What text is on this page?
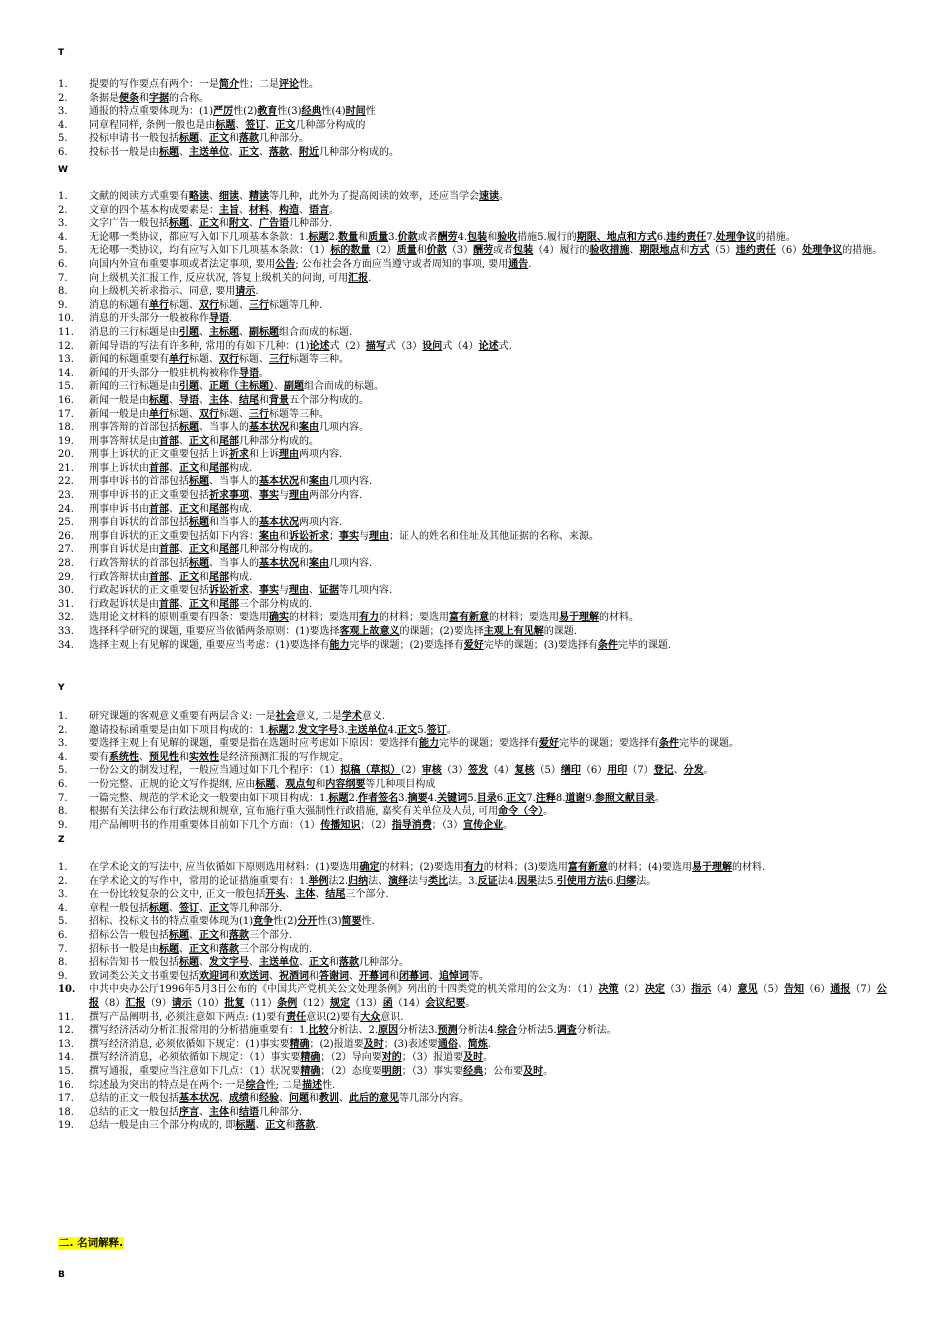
T
1.	提要的写作要点有两个：一是简介性；二是评论性。
2.	条据是便条和字据的合称。
3.	通报的特点重要体现为：(1)严厉性(2)教育性(3)经典性(4)时间性
4.	同章程同样, 条例一般也是由标题、签订、正文几种部分构成的
5.	投标申请书一般包括标题、正文和落款几种部分。
6.	投标书一般是由标题、主送单位、正文、落款、附近几种部分构成的。
W
1.	文献的阅读方式重要有略读、细读、精读等几种，此外为了提高阅读的效率，还应当学会速读。
2.	文章的四个基本构成要素是：主旨、材料、构造、语言。
3.	文字广告一般包括标题、正文和附文、广告语几种部分.
4.	无论哪一类协议，都应写入如下几项基本条款：1.标题2.数量和质量3.价款或者酬劳4.包装和验收措施5.履行的期限、地点和方式6.违约责任7.处理争议的措施。
5.	无论哪一类协议，均有应写入如下几项基本条款：（1）标的数量（2）质量和价款（3）酬劳或者包装（4）履行的验收措施、期限地点和方式（5）违约责任（6）处理争议的措施。
6.	向国内外宣布重要事项或者法定事项, 要用公告; 公布社会各方面应当遵守或者周知的事项, 要用通告.
7.	向上级机关汇报工作, 反应状况, 答复上级机关的问询, 可用汇报.
8.	向上级机关祈求指示、同意, 要用请示.
9.	消息的标题有单行标题、双行标题、三行标题等几种.
10.	消息的开头部分一般被称作导语.
11.	消息的三行标题是由引题、主标题、副标题组合而成的标题.
12.	新闻导语的写法有许多种, 常用的有如下几种：(1)论述式（2）描写式（3）设问式（4）论述式.
13.	新闻的标题重要有单行标题、双行标题、三行标题等三种。
14.	新闻的开头部分一般驻机构被称作导语。
15.	新闻的三行标题是由引题、正题（主标题）、副题组合而成的标题。
16.	新闻一般是由标题、导语、主体、结尾和背景五个部分构成的。
17.	新闻一般是由单行标题、双行标题、三行标题等三种。
18.	刑事答辩的首部包括标题、当事人的基本状况和案由几项内容。
19.	刑事答辩状是由首部、正文和尾部几种部分构成的。
20.	刑事上诉状的正文重要包括上诉祈求和上诉理由两项内容.
21.	刑事上诉状由首部、正文和尾部构成.
22.	刑事申诉书的首部包括标题、当事人的基本状况和案由几项内容.
23.	刑事申诉书的正文重要包括祈求事项、事实与理由两部分内容.
24.	刑事申诉书由首部、正文和尾部构成.
25.	刑事自诉状的首部包括标题和当事人的基本状况两项内容.
26.	刑事自诉状的正文重要包括如下内容：案由和诉讼祈求；事实与理由；证人的姓名和住址及其他证据的名称、来源。
27.	刑事自诉状是由首部、正文和尾部几种部分构成的。
28.	行政答辩状的首部包括标题、当事人的基本状况和案由几项内容.
29.	行政答辩状由首部、正文和尾部构成.
30.	行政起诉状的正文重要包括诉讼祈求、事实与理由、证据等几项内容.
31.	行政起诉状是由首部、正文和尾部三个部分构成的.
32.	选用论文材料的原则重要有四条：要选用确实的材料；要选用有力的材料；要选用富有新意的材料；要选用易于理解的材料。
33.	选择科学研究的课题, 重要应当依循两条原则：(1)要选择客观上故意义的课题；(2)要选择主观上有见解的课题.
34.	选择主观上有见解的课题, 重要应当考虑：(1)要选择有能力完毕的课题；(2)要选择有爱好完毕的课题；(3)要选择有条件完毕的课题.
Y
1.	研究课题的客观意义重要有两层含义: 一是社会意义, 二是学术意义.
2.	邀请投标函重要是由如下项目构成的：1.标题2.发文字号3.主送单位4.正文5.签订。
3.	要选择主观上有见解的课题，重要是指在选题时应考虑如下原因：要选择有能力完毕的课题；要选择有爱好完毕的课题；要选择有条件完毕的课题。
4.	要有系统性、预见性和实效性是经济预测汇报的写作规定。
5.	一份公文的制发过程，一般应当通过如下几个程序：（1）拟稿（草拟）（2）审核（3）签发（4）复核（5）缮印（6）用印（7）登记、分发。
6.	一份完整、正规的论文写作提纲, 应由标题、观点句和内容纲要等几种项目构成
7.	一篇完整、规范的学术论文一般要由如下项目构成：1.标题2.作者签名3.摘要4.关键词5.目录6.正文7.注释8.道谢9.参照文献目录。
8.	根据有关法律公布行政法规和规章, 宣布施行重大强制性行政措施, 嘉奖有关单位及人员, 可用命令（令）。
9.	用产品阐明书的作用重要体目前如下几个方面：（1）传播知识；（2）指导消费；（3）宣传企业。
Z
1.	在学术论文的写法中, 应当依循如下原则选用材料：(1)要选用确定的材料；(2)要选用有力的材料；(3)要选用富有新意的材料；(4)要选用易于理解的材料.
2.	在学术论文的写作中，常用的论证措施重要有：1.举例法2.归纳法、演绎法与类比法。3.反证法4.因果法5.引使用方法6.归缪法。
3.	在一份比较复杂的公文中, 正文一般包括开头、主体、结尾三个部分.
4.	章程一般包括标题、签订、正文等几种部分.
5.	招标、投标文书的特点重要体现为(1)竞争性(2)分开性(3)简要性.
6.	招标公告一般包括标题、正文和落款三个部分.
7.	招标书一般是由标题、正文和落款三个部分构成的.
8.	招标告知书一般包括标题、发文字号、主送单位、正文和落款几种部分。
9.	致词类公关文书重要包括欢迎词和欢送词、祝酒词和答谢词、开幕词和闭幕词、追悼词等。
10.	中共中央办公厅1996年5月3日公布的《中国共产党机关公文处理条例》列出的十四类党的机关常用的公文为：（1）决策（2）决定（3）指示（4）意见（5）告知（6）通报（7）公报（8）汇报（9）请示（10）批复（11）条例（12）规定（13）函（14）会议纪要。
11.	撰写产品阐明书, 必须注意如下两点: (1)要有责任意识(2)要有大众意识.
12.	撰写经济活动分析汇报常用的分析措施重要有：1.比较分析法、2.原因分析法3.预测分析法4.综合分析法5.调查分析法。
13.	撰写经济消息, 必须依循如下规定：(1)事实要精确；(2)报道要及时；(3)表述要通俗、简炼.
14.	撰写经济消息，必须依循如下规定：（1）事实要精确；（2）导向要对的；（3）报道要及时。
15.	撰写通报，重要应当注意如下几点：（1）状况要精确；（2）态度要明朗；（3）事实要经典；公布要及时。
16.	综述最为突出的特点是在两个: 一是综合性; 二是描述性.
17.	总结的正文一般包括基本状况、成绩和经验、问题和教训、此后的意见等几部分内容。
18.	总结的正文一般包括序言、主体和结语几种部分.
19.	总结一般是由三个部分构成的, 即标题、正文和落款.
二. 名词解释.
B
